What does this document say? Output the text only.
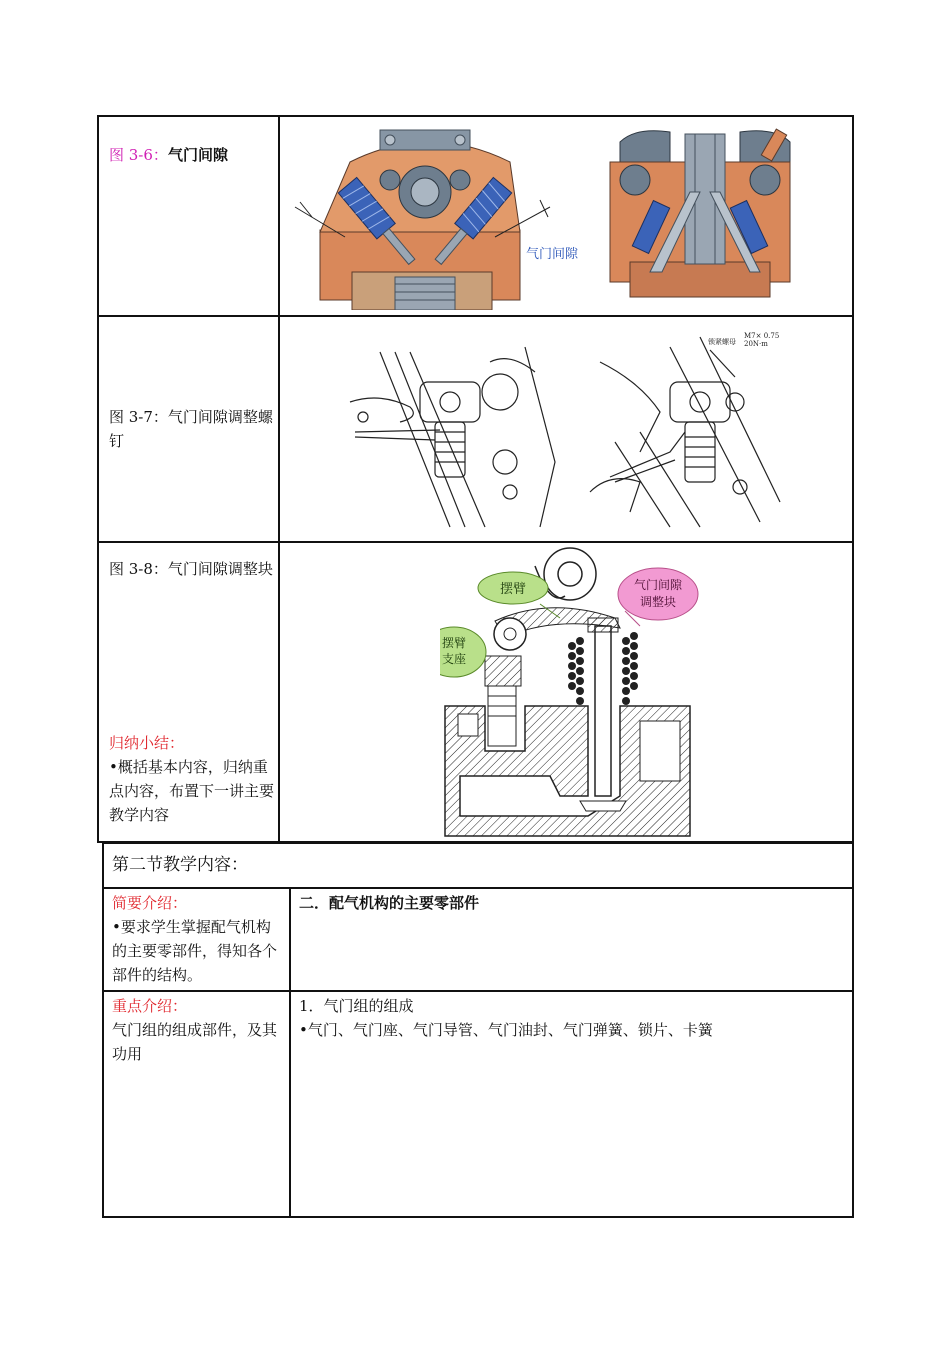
图 3-6：气门间隙
气门间隙
图 3-7：气门间隙调整螺钉
锁紧螺母
M7× 0.75
20N·m
图 3-8：气门间隙调整块
归纳小结：
•概括基本内容，归纳重点内容，布置下一讲主要教学内容
摆臂
摆臂
支座
气门间隙
调整块
第二节教学内容：
简要介绍：
•要求学生掌握配气机构的主要零部件，得知各个部件的结构。
二．配气机构的主要零部件
重点介绍：
气门组的组成部件，及其功用
1．气门组的组成
•气门、气门座、气门导管、气门油封、气门弹簧、锁片、卡簧
